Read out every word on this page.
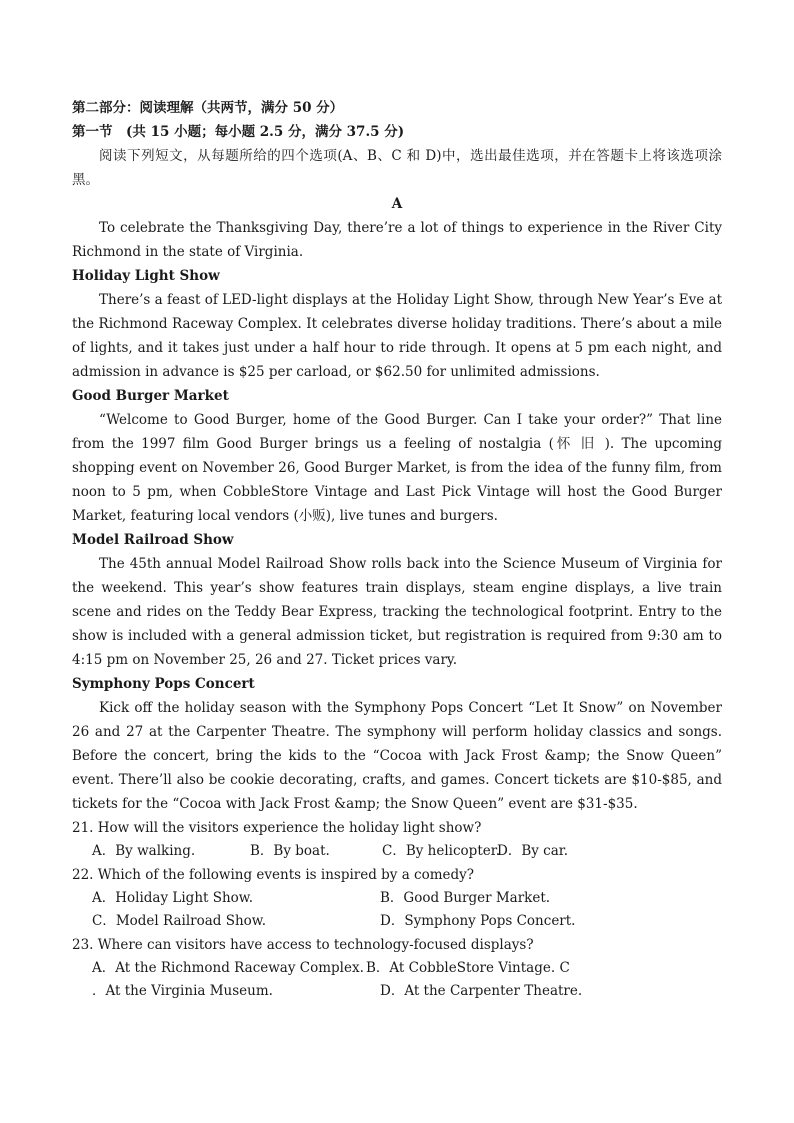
第二部分：阅读理解（共两节，满分 50 分）
第一节　(共 15 小题；每小题 2.5 分，满分 37.5 分)
阅读下列短文，从每题所给的四个选项(A、B、C 和 D)中，选出最佳选项，并在答题卡上将该选项涂黑。
A
To celebrate the Thanksgiving Day, there’re a lot of things to experience in the River City Richmond in the state of Virginia.
Holiday Light Show
There’s a feast of LED-light displays at the Holiday Light Show, through New Year’s Eve at the Richmond Raceway Complex. It celebrates diverse holiday traditions. There’s about a mile of lights, and it takes just under a half hour to ride through. It opens at 5 pm each night, and admission in advance is $25 per carload, or $62.50 for unlimited admissions.
Good Burger Market
“Welcome to Good Burger, home of the Good Burger. Can I take your order?” That line from the 1997 film Good Burger brings us a feeling of nostalgia (怀 旧 ). The upcoming shopping event on November 26, Good Burger Market, is from the idea of the funny film, from noon to 5 pm, when CobbleStore Vintage and Last Pick Vintage will host the Good Burger Market, featuring local vendors (小贩), live tunes and burgers.
Model Railroad Show
The 45th annual Model Railroad Show rolls back into the Science Museum of Virginia for the weekend. This year’s show features train displays, steam engine displays, a live train scene and rides on the Teddy Bear Express, tracking the technological footprint. Entry to the show is included with a general admission ticket, but registration is required from 9:30 am to 4:15 pm on November 25, 26 and 27. Ticket prices vary.
Symphony Pops Concert
Kick off the holiday season with the Symphony Pops Concert “Let It Snow” on November 26 and 27 at the Carpenter Theatre. The symphony will perform holiday classics and songs. Before the concert, bring the kids to the “Cocoa with Jack Frost &amp; the Snow Queen” event. There’ll also be cookie decorating, crafts, and games. Concert tickets are $10-$85, and tickets for the “Cocoa with Jack Frost &amp; the Snow Queen” event are $31-$35.
21. How will the visitors experience the holiday light show?
A．By walking.	B．By boat.	C．By helicopter.
D．By car.
22. Which of the following events is inspired by a comedy?
A．Holiday Light Show.	B．Good Burger Market.
C．Model Railroad Show.	D．Symphony Pops Concert.
23. Where can visitors have access to technology-focused displays?
A．At the Richmond Raceway Complex. B．At CobbleStore Vintage. C
．At the Virginia Museum.	D．At the Carpenter Theatre.
